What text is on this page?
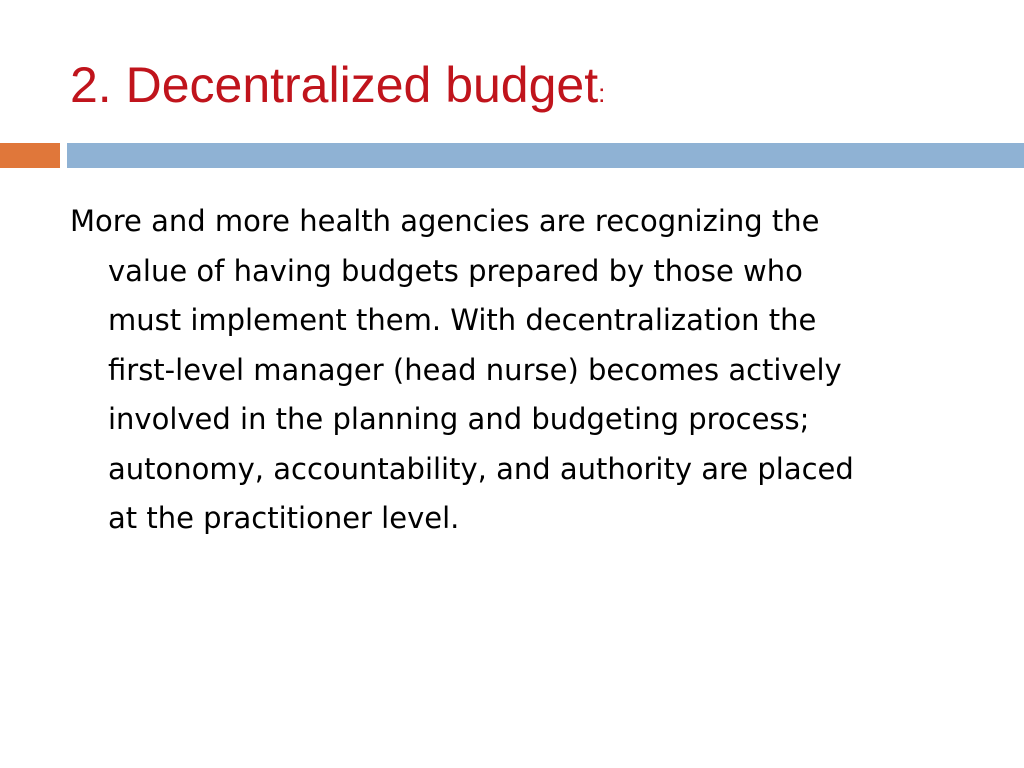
2. Decentralized budget:

More and more health agencies are recognizing the
value of having budgets prepared by those who
must implement them. With decentralization the
first-level manager (head nurse) becomes actively
involved in the planning and budgeting process;
autonomy, accountability, and authority are placed
at the practitioner level.
